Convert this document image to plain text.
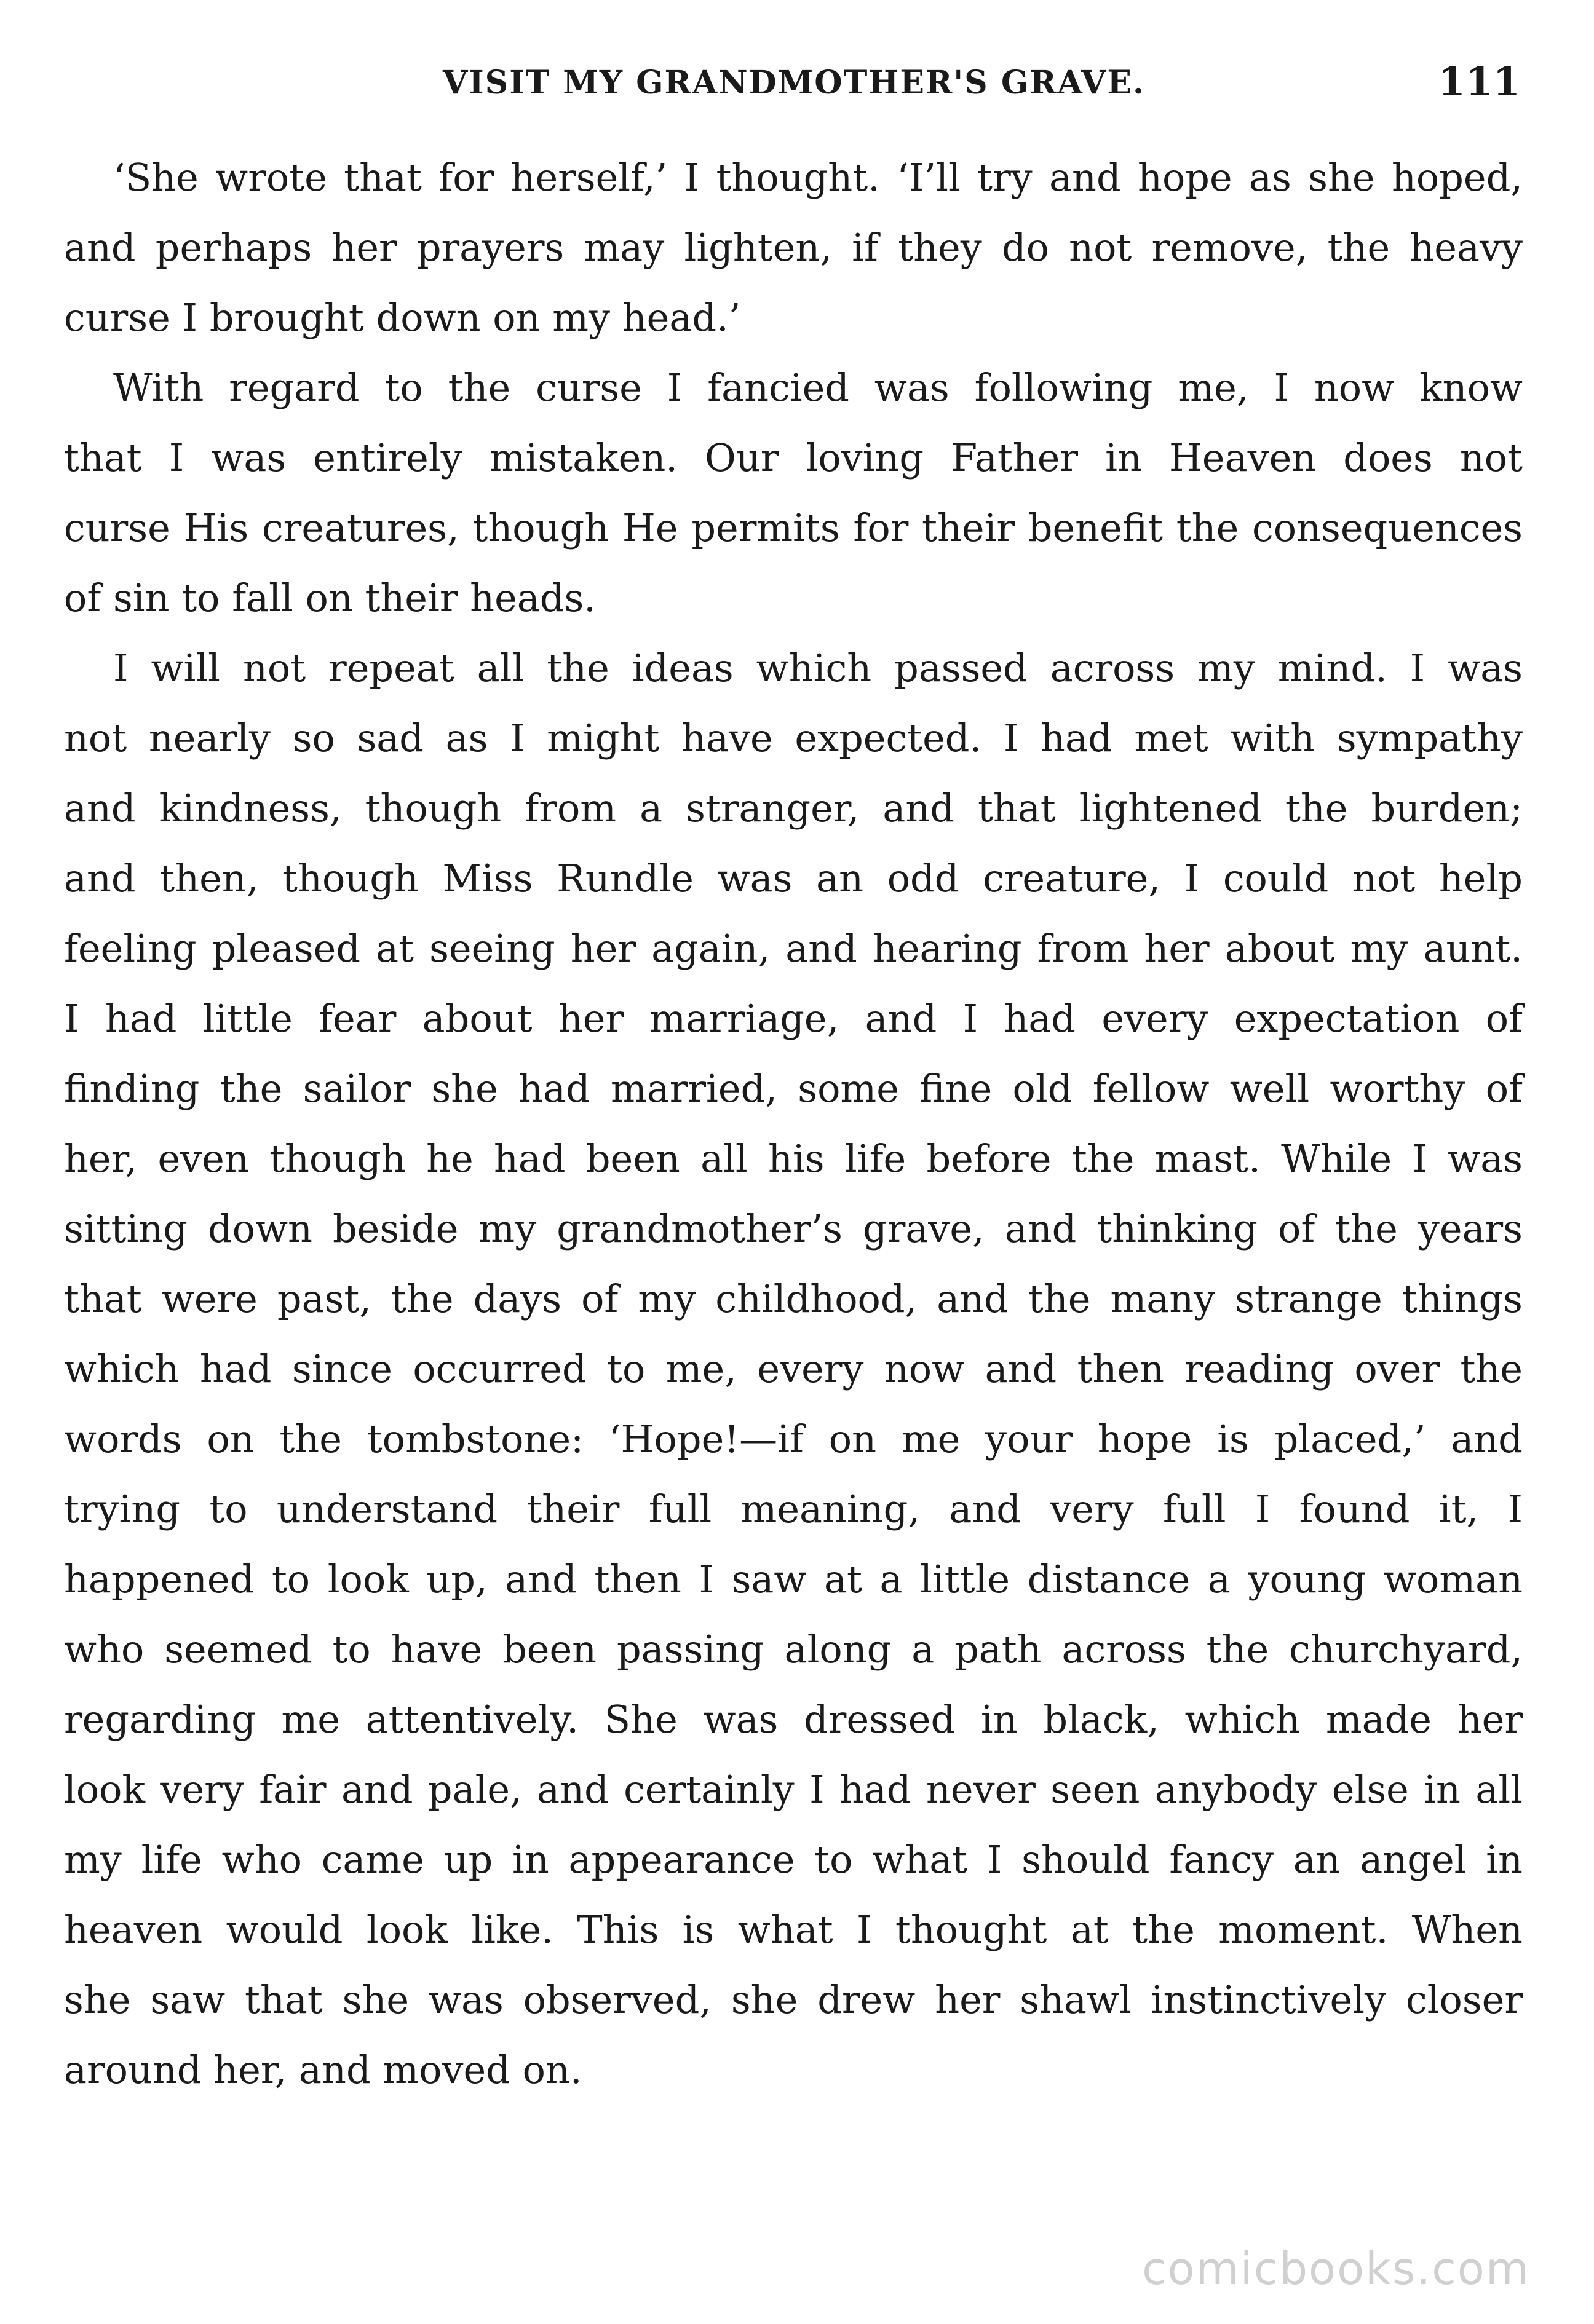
VISIT MY GRANDMOTHER'S GRAVE.	111
‘She wrote that for herself,’ I thought. ‘I’ll try and hope as she hoped,
and perhaps her prayers may lighten, if they do not remove, the heavy
curse I brought down on my head.’
With regard to the curse I fancied was following me, I now know
that I was entirely mistaken. Our loving Father in Heaven does not
curse His creatures, though He permits for their benefit the consequences
of sin to fall on their heads.
I will not repeat all the ideas which passed across my mind. I was
not nearly so sad as I might have expected. I had met with sympathy
and kindness, though from a stranger, and that lightened the burden;
and then, though Miss Rundle was an odd creature, I could not help
feeling pleased at seeing her again, and hearing from her about my aunt.
I had little fear about her marriage, and I had every expectation of
finding the sailor she had married, some fine old fellow well worthy of
her, even though he had been all his life before the mast. While I was
sitting down beside my grandmother’s grave, and thinking of the years
that were past, the days of my childhood, and the many strange things
which had since occurred to me, every now and then reading over the
words on the tombstone: ‘Hope!—if on me your hope is placed,’ and
trying to understand their full meaning, and very full I found it, I
happened to look up, and then I saw at a little distance a young woman
who seemed to have been passing along a path across the churchyard,
regarding me attentively. She was dressed in black, which made her
look very fair and pale, and certainly I had never seen anybody else in all
my life who came up in appearance to what I should fancy an angel in
heaven would look like. This is what I thought at the moment. When
she saw that she was observed, she drew her shawl instinctively closer
around her, and moved on.
comicbooks.com
